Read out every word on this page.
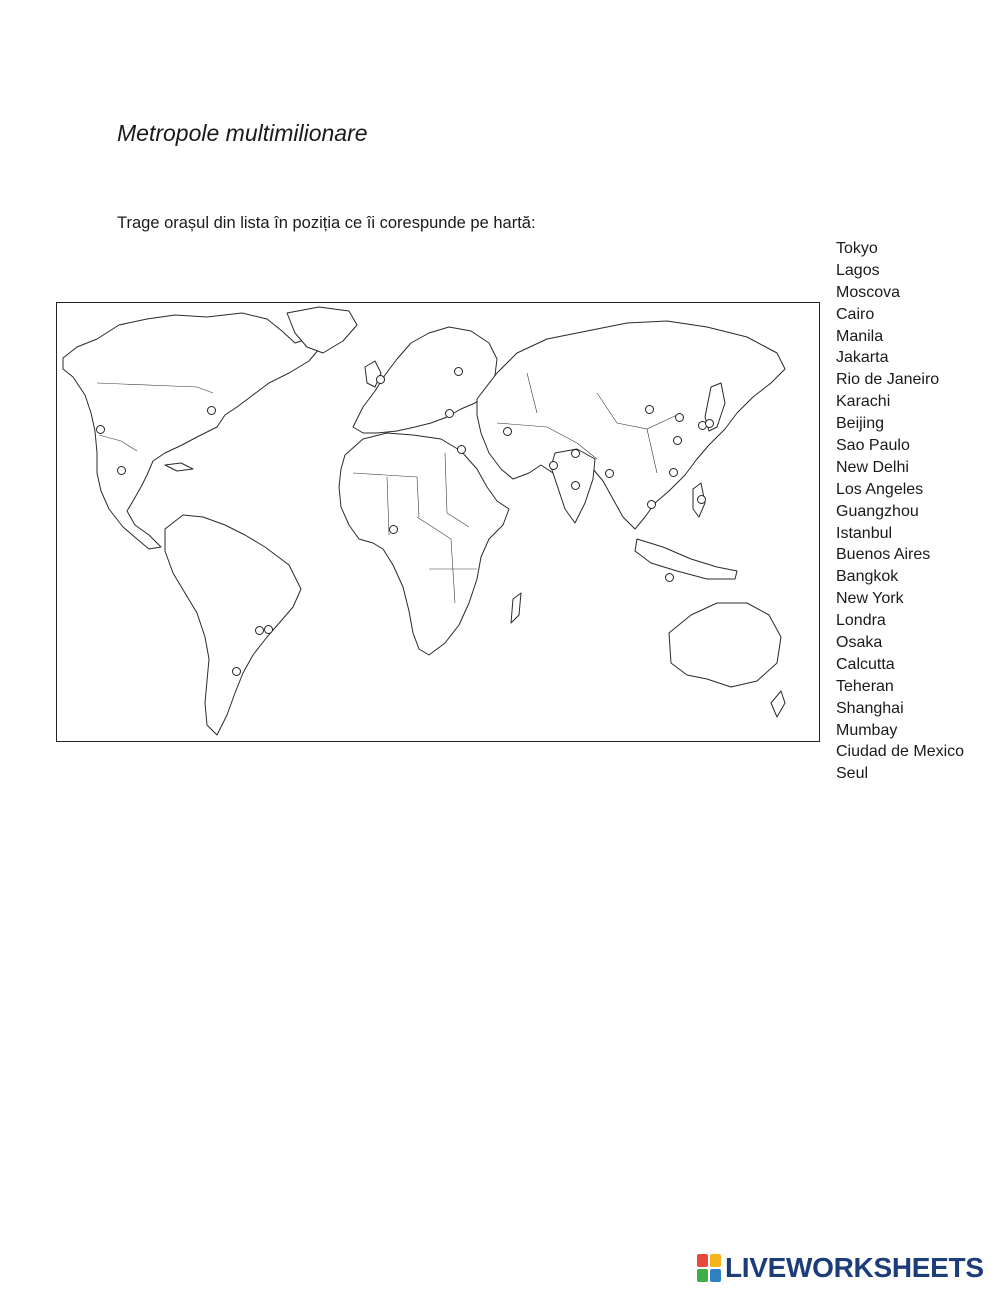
Metropole multimilionare
Trage orașul din lista în poziția ce îi corespunde pe hartă:
Tokyo
Lagos
Moscova
Cairo
Manila
Jakarta
Rio de Janeiro
Karachi
Beijing
Sao Paulo
New Delhi
Los Angeles
Guangzhou
Istanbul
Buenos Aires
Bangkok
New York
Londra
Osaka
Calcutta
Teheran
Shanghai
Mumbay
Ciudad de Mexico
Seul
LIVEWORKSHEETS
